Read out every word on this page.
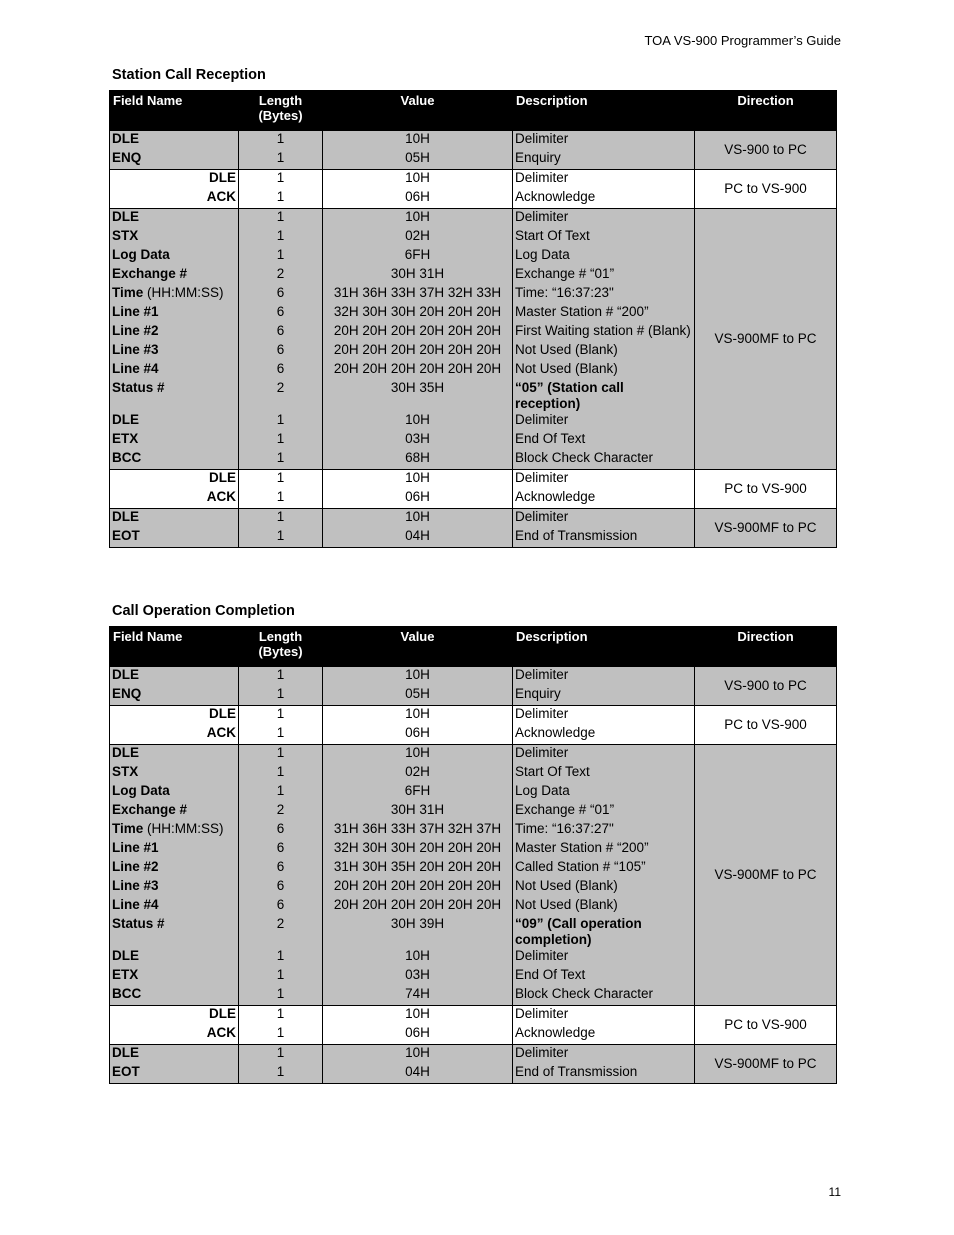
TOA VS-900 Programmer’s Guide
Station Call Reception
Field Name	Length
(Bytes)	Value	Description	Direction
DLE	1	10H	Delimiter	VS-900 to PC
ENQ	1	05H	Enquiry	
DLE	1	10H	Delimiter	PC to VS-900
ACK	1	06H	Acknowledge	
DLE	1	10H	Delimiter	VS-900MF to PC
STX	1	02H	Start Of Text	
Log Data	1	6FH	Log Data	
Exchange #	2	30H 31H	Exchange # “01”	
Time (HH:MM:SS)	6	31H 36H 33H 37H 32H 33H	Time: “16:37:23"	
Line #1	6	32H 30H 30H 20H 20H 20H	Master Station # “200”	
Line #2	6	20H 20H 20H 20H 20H 20H	First Waiting station # (Blank)	
Line #3	6	20H 20H 20H 20H 20H 20H	Not Used (Blank)	
Line #4	6	20H 20H 20H 20H 20H 20H	Not Used (Blank)	
Status #	2	30H 35H	“05” (Station call reception)	
DLE	1	10H	Delimiter	
ETX	1	03H	End Of Text	
BCC	1	68H	Block Check Character	
DLE	1	10H	Delimiter	PC to VS-900
ACK	1	06H	Acknowledge	
DLE	1	10H	Delimiter	VS-900MF to PC
EOT	1	04H	End of Transmission	
Call Operation Completion
Field Name	Length
(Bytes)	Value	Description	Direction
DLE	1	10H	Delimiter	VS-900 to PC
ENQ	1	05H	Enquiry	
DLE	1	10H	Delimiter	PC to VS-900
ACK	1	06H	Acknowledge	
DLE	1	10H	Delimiter	VS-900MF to PC
STX	1	02H	Start Of Text	
Log Data	1	6FH	Log Data	
Exchange #	2	30H 31H	Exchange # “01”	
Time (HH:MM:SS)	6	31H 36H 33H 37H 32H 37H	Time: “16:37:27"	
Line #1	6	32H 30H 30H 20H 20H 20H	Master Station # “200”	
Line #2	6	31H 30H 35H 20H 20H 20H	Called Station # “105”	
Line #3	6	20H 20H 20H 20H 20H 20H	Not Used (Blank)	
Line #4	6	20H 20H 20H 20H 20H 20H	Not Used (Blank)	
Status #	2	30H 39H	“09” (Call operation completion)	
DLE	1	10H	Delimiter	
ETX	1	03H	End Of Text	
BCC	1	74H	Block Check Character	
DLE	1	10H	Delimiter	PC to VS-900
ACK	1	06H	Acknowledge	
DLE	1	10H	Delimiter	VS-900MF to PC
EOT	1	04H	End of Transmission	
11
